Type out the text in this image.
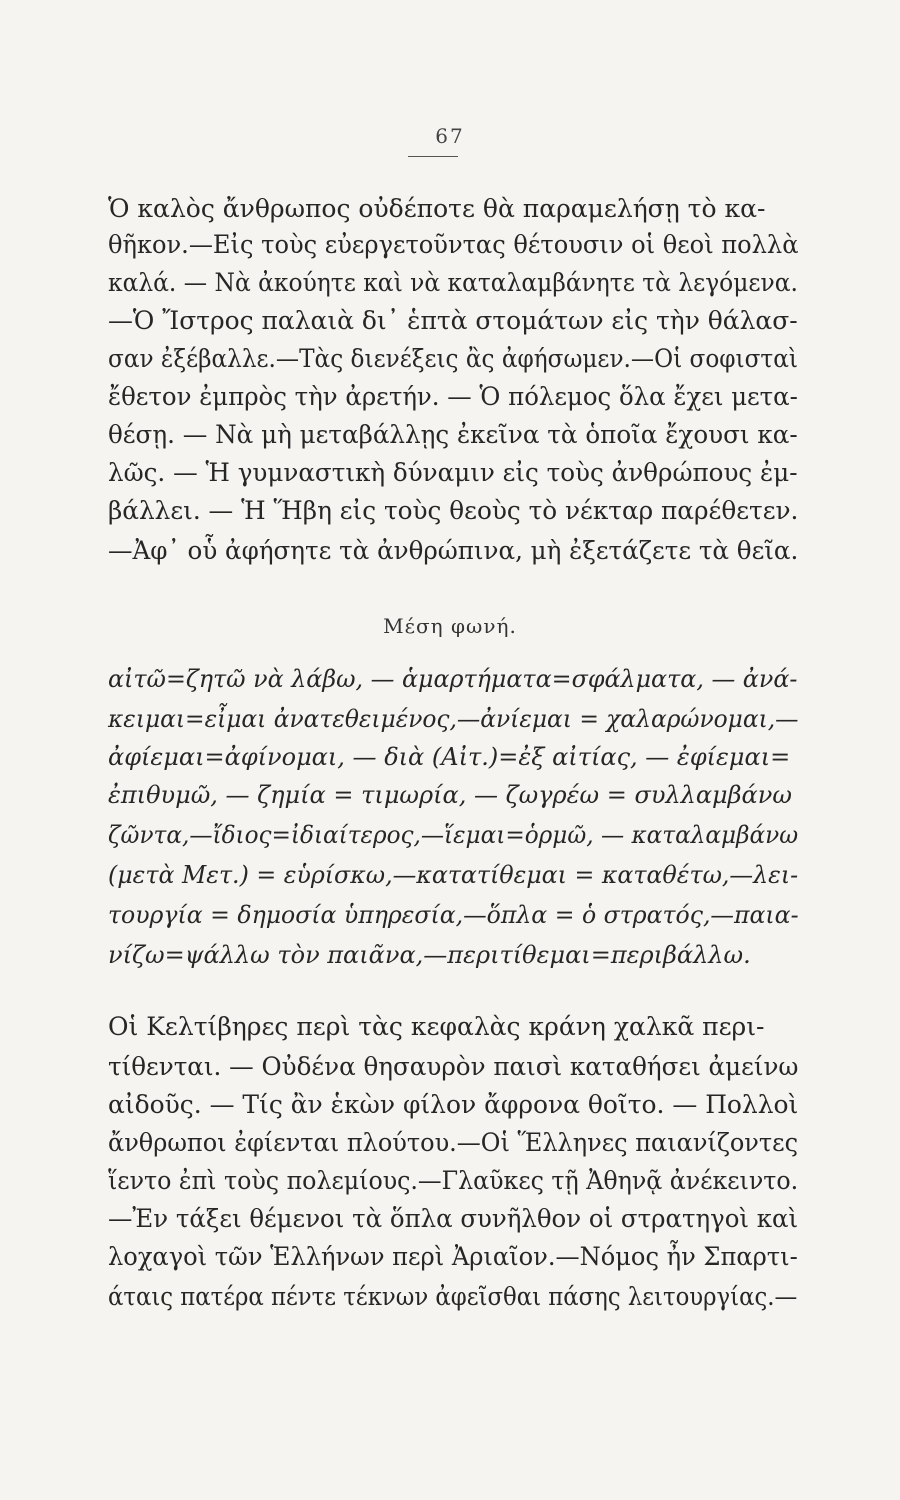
67
Ὁ καλὸς ἄνθρωπος οὐδέποτε θὰ παραμελήσῃ τὸ κα-
θῆκον.—Εἰς τοὺς εὐεργετοῦντας θέτουσιν οἱ θεοὶ πολλὰ
καλά. — Νὰ ἀκούητε καὶ νὰ καταλαμβάνητε τὰ λεγόμενα.
—Ὁ Ἴστρος παλαιὰ δι᾽ ἑπτὰ στομάτων εἰς τὴν θάλασ-
σαν ἐξέβαλλε.—Τὰς διενέξεις ἂς ἀφήσωμεν.—Οἱ σοφισταὶ
ἔθετον ἐμπρὸς τὴν ἀρετήν. — Ὁ πόλεμος ὅλα ἔχει μετα-
θέσῃ. — Νὰ μὴ μεταβάλλῃς ἐκεῖνα τὰ ὁποῖα ἔχουσι κα-
λῶς. — Ἡ γυμναστικὴ δύναμιν εἰς τοὺς ἀνθρώπους ἐμ-
βάλλει. — Ἡ Ἥβη εἰς τοὺς θεοὺς τὸ νέκταρ παρέθετεν.
—Ἀφ᾽ οὗ ἀφήσητε τὰ ἀνθρώπινα, μὴ ἐξετάζετε τὰ θεῖα.
Μέση φωνή.
αἰτῶ=ζητῶ νὰ λάβω, — ἁμαρτήματα=σφάλματα, — ἀνά-
κειμαι=εἶμαι ἀνατεθειμένος,—ἀνίεμαι = χαλαρώνομαι,—
ἀφίεμαι=ἀφίνομαι, — διὰ (Αἰτ.)=ἐξ αἰτίας, — ἐφίεμαι=
ἐπιθυμῶ, — ζημία = τιμωρία, — ζωγρέω = συλλαμβάνω
ζῶντα,—ἴδιος=ἰδιαίτερος,—ἵεμαι=ὁρμῶ, — καταλαμβάνω
(μετὰ Μετ.) = εὑρίσκω,—κατατίθεμαι = καταθέτω,—λει-
τουργία = δημοσία ὑπηρεσία,—ὅπλα = ὁ στρατός,—παια-
νίζω=ψάλλω τὸν παιᾶνα,—περιτίθεμαι=περιβάλλω.
Οἱ Κελτίβηρες περὶ τὰς κεφαλὰς κράνη χαλκᾶ περι-
τίθενται. — Οὐδένα θησαυρὸν παισὶ καταθήσει ἀμείνω
αἰδοῦς. — Τίς ἂν ἑκὼν φίλον ἄφρονα θοῖτο. — Πολλοὶ
ἄνθρωποι ἐφίενται πλούτου.—Οἱ Ἕλληνες παιανίζοντες
ἵεντο ἐπὶ τοὺς πολεμίους.—Γλαῦκες τῇ Ἀθηνᾷ ἀνέκειντο.
—Ἐν τάξει θέμενοι τὰ ὅπλα συνῆλθον οἱ στρατηγοὶ καὶ
λοχαγοὶ τῶν Ἑλλήνων περὶ Ἀριαῖον.—Νόμος ἦν Σπαρτι-
άταις πατέρα πέντε τέκνων ἀφεῖσθαι πάσης λειτουργίας.—
